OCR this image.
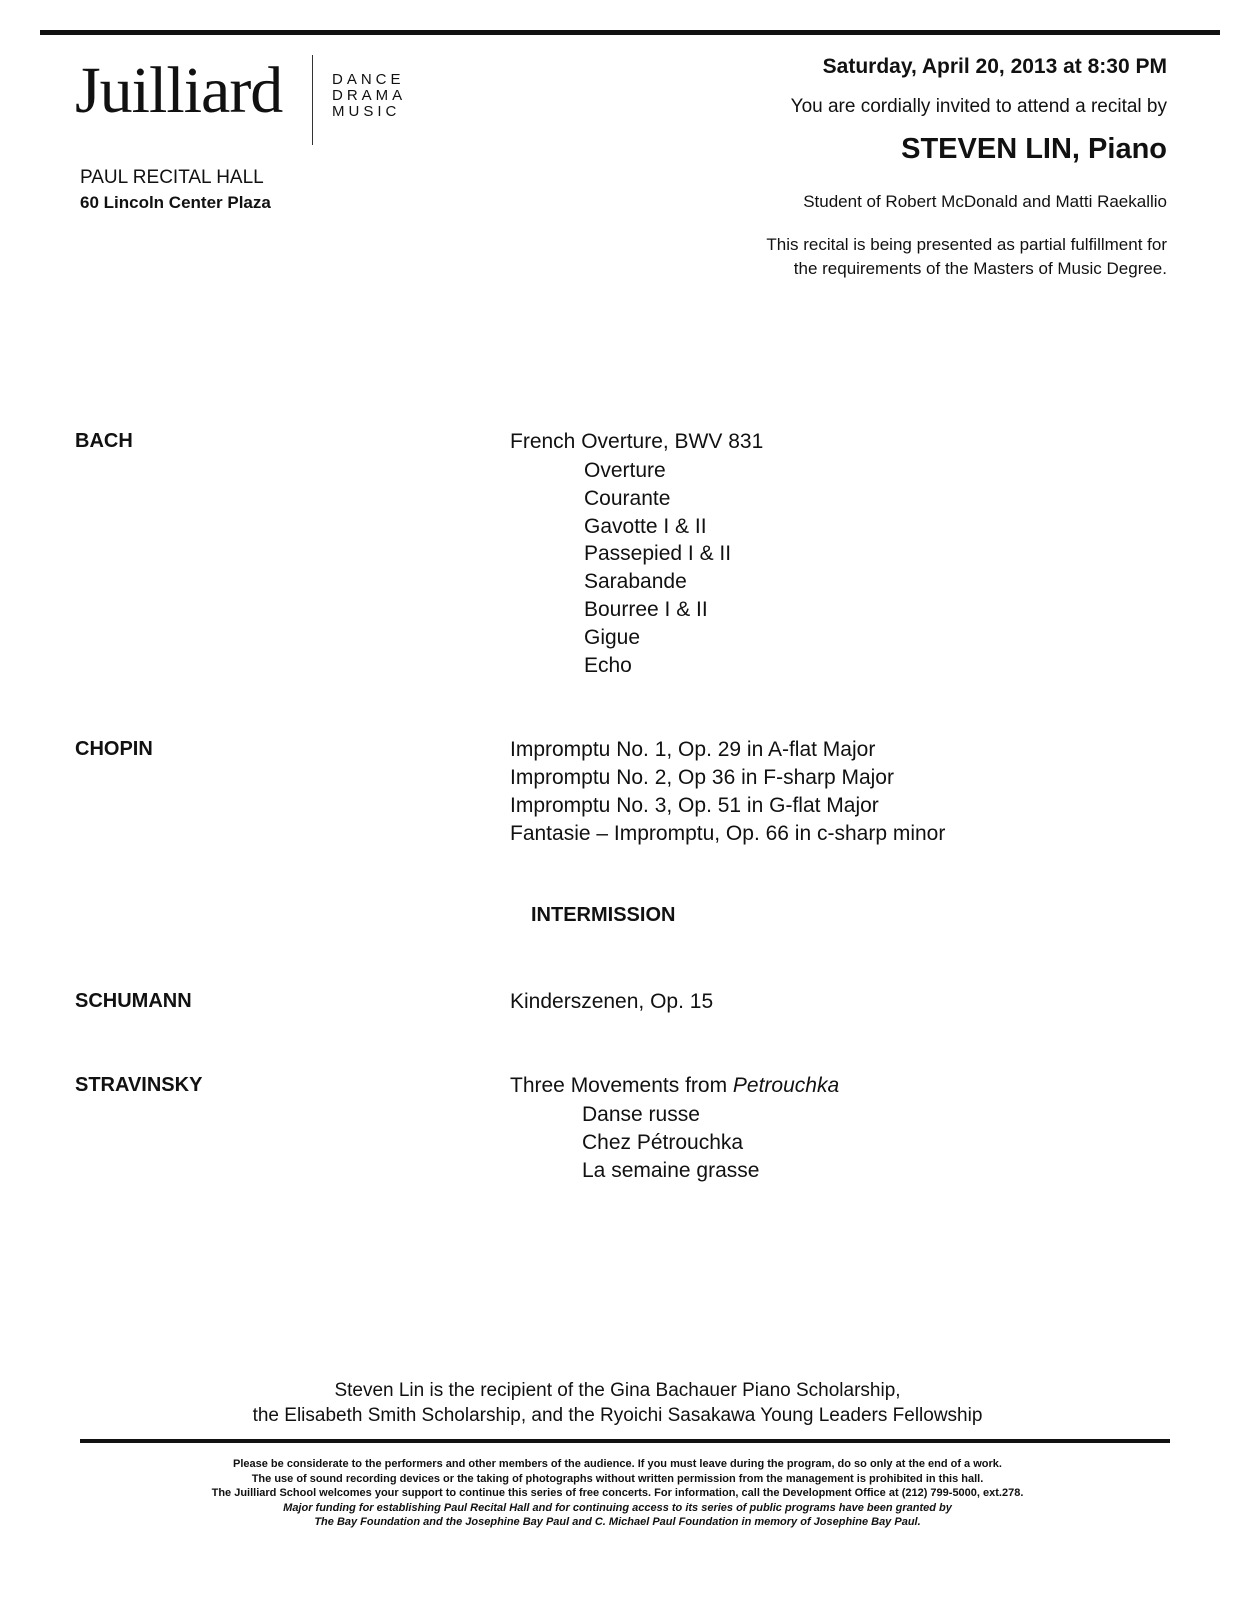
Juilliard	DANCE
DRAMA
MUSIC
PAUL RECITAL HALL
60 Lincoln Center Plaza
Saturday, April 20, 2013 at 8:30 PM
You are cordially invited to attend a recital by
STEVEN LIN, Piano
Student of Robert McDonald and Matti Raekallio
This recital is being presented as partial fulfillment for
the requirements of the Masters of Music Degree.
BACH	French Overture, BWV 831
Overture
Courante
Gavotte I & II
Passepied I & II
Sarabande
Bourree I & II
Gigue
Echo
CHOPIN	Impromptu No. 1, Op. 29 in A-flat Major
Impromptu No. 2, Op 36 in F-sharp Major
Impromptu No. 3, Op. 51 in G-flat Major
Fantasie – Impromptu, Op. 66 in c-sharp minor
INTERMISSION
SCHUMANN	Kinderszenen, Op. 15
STRAVINSKY	Three Movements from Petrouchka
Danse russe
Chez Pétrouchka
La semaine grasse
Steven Lin is the recipient of the Gina Bachauer Piano Scholarship,
the Elisabeth Smith Scholarship, and the Ryoichi Sasakawa Young Leaders Fellowship
Please be considerate to the performers and other members of the audience. If you must leave during the program, do so only at the end of a work.
The use of sound recording devices or the taking of photographs without written permission from the management is prohibited in this hall.
The Juilliard School welcomes your support to continue this series of free concerts. For information, call the Development Office at (212) 799-5000, ext.278.
Major funding for establishing Paul Recital Hall and for continuing access to its series of public programs have been granted by
The Bay Foundation and the Josephine Bay Paul and C. Michael Paul Foundation in memory of Josephine Bay Paul.
